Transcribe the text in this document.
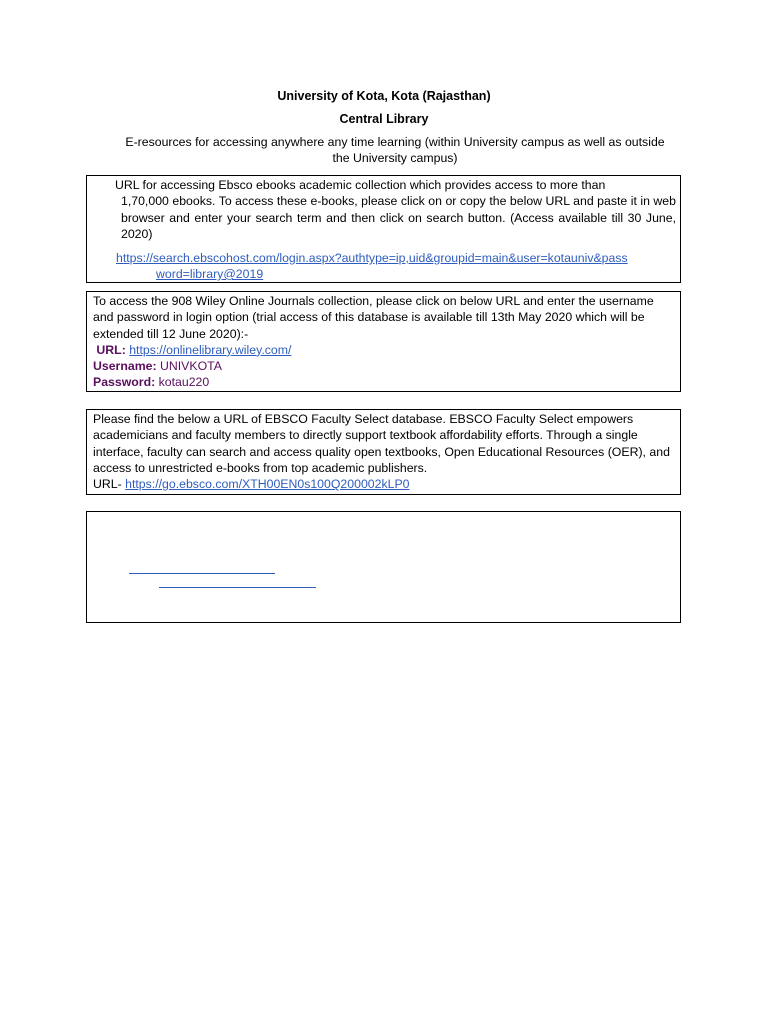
University of Kota, Kota (Rajasthan)
Central Library
E-resources for accessing anywhere any time learning (within University campus as well as outside the University campus)
URL for accessing Ebsco ebooks academic collection which provides access to more than
1,70,000 ebooks. To access these e-books, please click on or copy the below URL and paste it in web browser and enter your search term and then click on search button. (Access available till 30 June, 2020)
https://search.ebscohost.com/login.aspx?authtype=ip,uid&groupid=main&user=kotauniv&pass
word=library@2019
To access the 908 Wiley Online Journals collection, please click on below URL and enter the username and password in login option (trial access of this database is available till 13th May 2020 which will be extended till 12 June 2020):-
URL: https://onlinelibrary.wiley.com/
Username: UNIVKOTA
Password: kotau220
Please find the below a URL of EBSCO Faculty Select database. EBSCO Faculty Select empowers academicians and faculty members to directly support textbook affordability efforts. Through a single interface, faculty can search and access quality open textbooks, Open Educational Resources (OER), and access to unrestricted e-books from top academic publishers.
URL- https://go.ebsco.com/XTH00EN0s100Q200002kLP0
